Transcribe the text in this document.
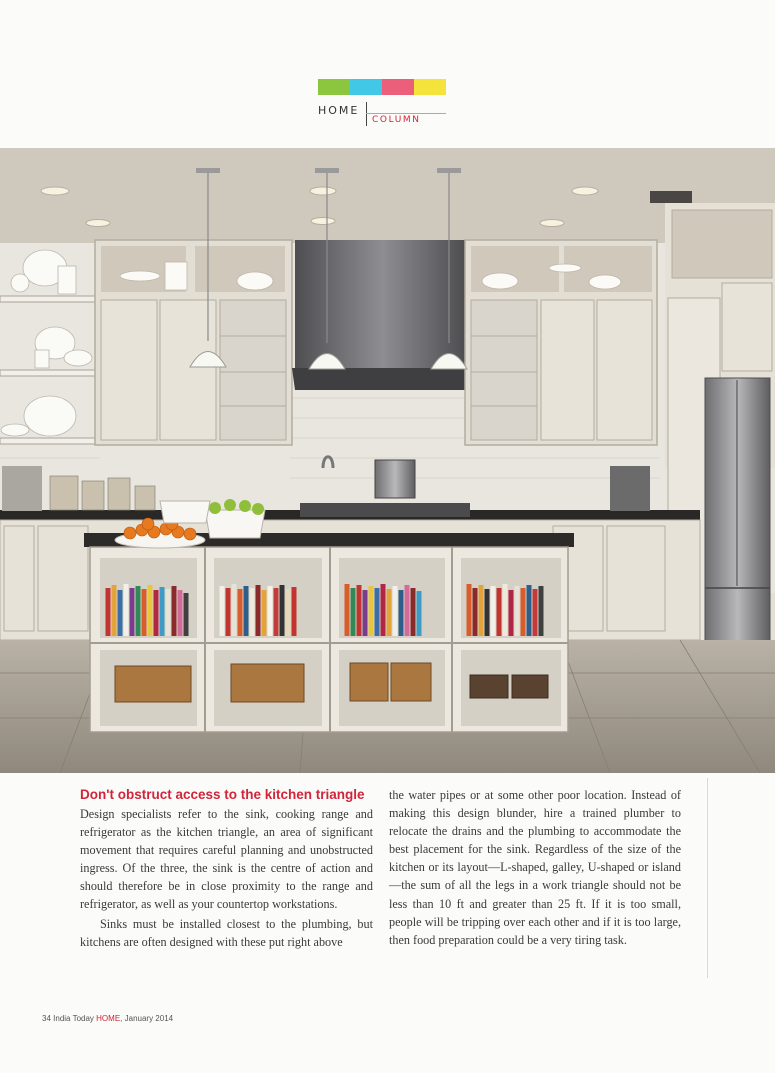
HOME
COLUMN
Don't obstruct access to the kitchen triangle

Design specialists refer to the sink, cooking range and refrigerator as the kitchen triangle, an area of significant movement that requires careful planning and unobstructed ingress. Of the three, the sink is the centre of action and should therefore be in close proximity to the range and refrigerator, as well as your countertop workstations.

Sinks must be installed closest to the plumbing, but kitchens are often designed with these put right above

the water pipes or at some other poor location. Instead of making this design blunder, hire a trained plumber to relocate the drains and the plumbing to accommodate the best placement for the sink. Regardless of the size of the kitchen or its layout—L-shaped, galley, U-shaped or island—the sum of all the legs in a work triangle should not be less than 10 ft and greater than 25 ft. If it is too small, people will be tripping over each other and if it is too large, then food preparation could be a very tiring task.

34 India Today HOME, January 2014
